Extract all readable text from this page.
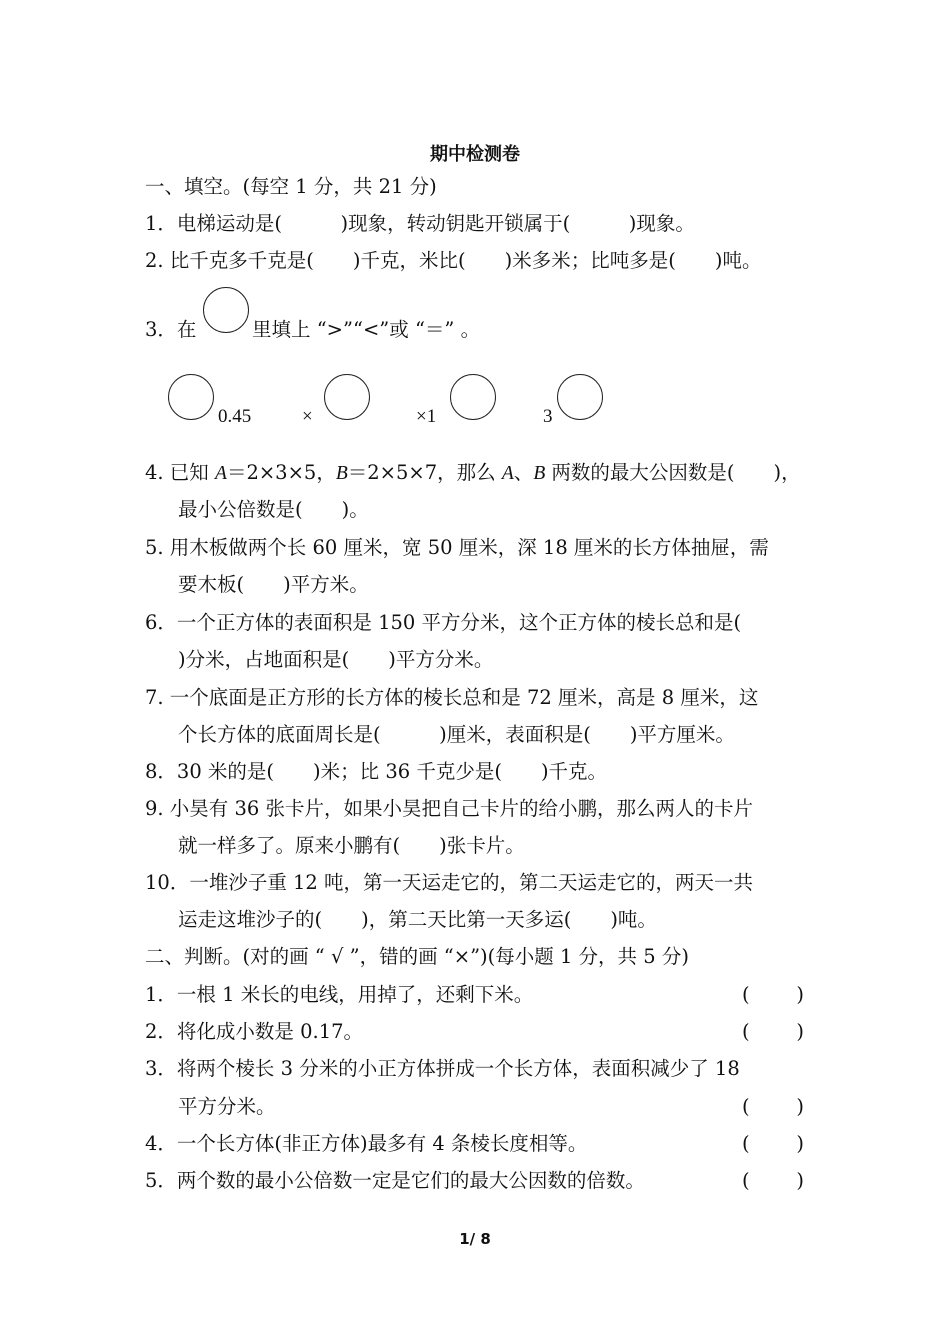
期中检测卷
一、填空。(每空 1 分，共 21 分)
1．电梯运动是(　　　)现象，转动钥匙开锁属于(　　　)现象。
2. 比千克多千克是(　　)千克，米比(　　)米多米；比吨多是(　　)吨。
3．在	里填上 “>”“<”或 “＝” 。
0.45	×	×1	3
4. 已知 A＝2×3×5，B＝2×5×7，那么 A、B 两数的最大公因数是(　　)，
最小公倍数是(　　)。
5. 用木板做两个长 60 厘米，宽 50 厘米，深 18 厘米的长方体抽屉，需
要木板(　　)平方米。
6．一个正方体的表面积是 150 平方分米，这个正方体的棱长总和是(
)分米，占地面积是(　　)平方分米。
7. 一个底面是正方形的长方体的棱长总和是 72 厘米，高是 8 厘米，这
个长方体的底面周长是(　　　)厘米，表面积是(　　)平方厘米。
8．30 米的是(　　)米；比 36 千克少是(　　)千克。
9. 小昊有 36 张卡片，如果小昊把自己卡片的给小鹏，那么两人的卡片
就一样多了。原来小鹏有(　　)张卡片。
10．一堆沙子重 12 吨，第一天运走它的，第二天运走它的，两天一共
运走这堆沙子的(　　)，第二天比第一天多运(　　)吨。
二、判断。(对的画 “ √ ”，错的画 “×”)(每小题 1 分，共 5 分)
1．一根 1 米长的电线，用掉了，还剩下米。	( )
2．将化成小数是 0.17。	( )
3．将两个棱长 3 分米的小正方体拼成一个长方体，表面积减少了 18
平方分米。	( )
4．一个长方体(非正方体)最多有 4 条棱长度相等。	( )
5．两个数的最小公倍数一定是它们的最大公因数的倍数。	( )
1/ 8
